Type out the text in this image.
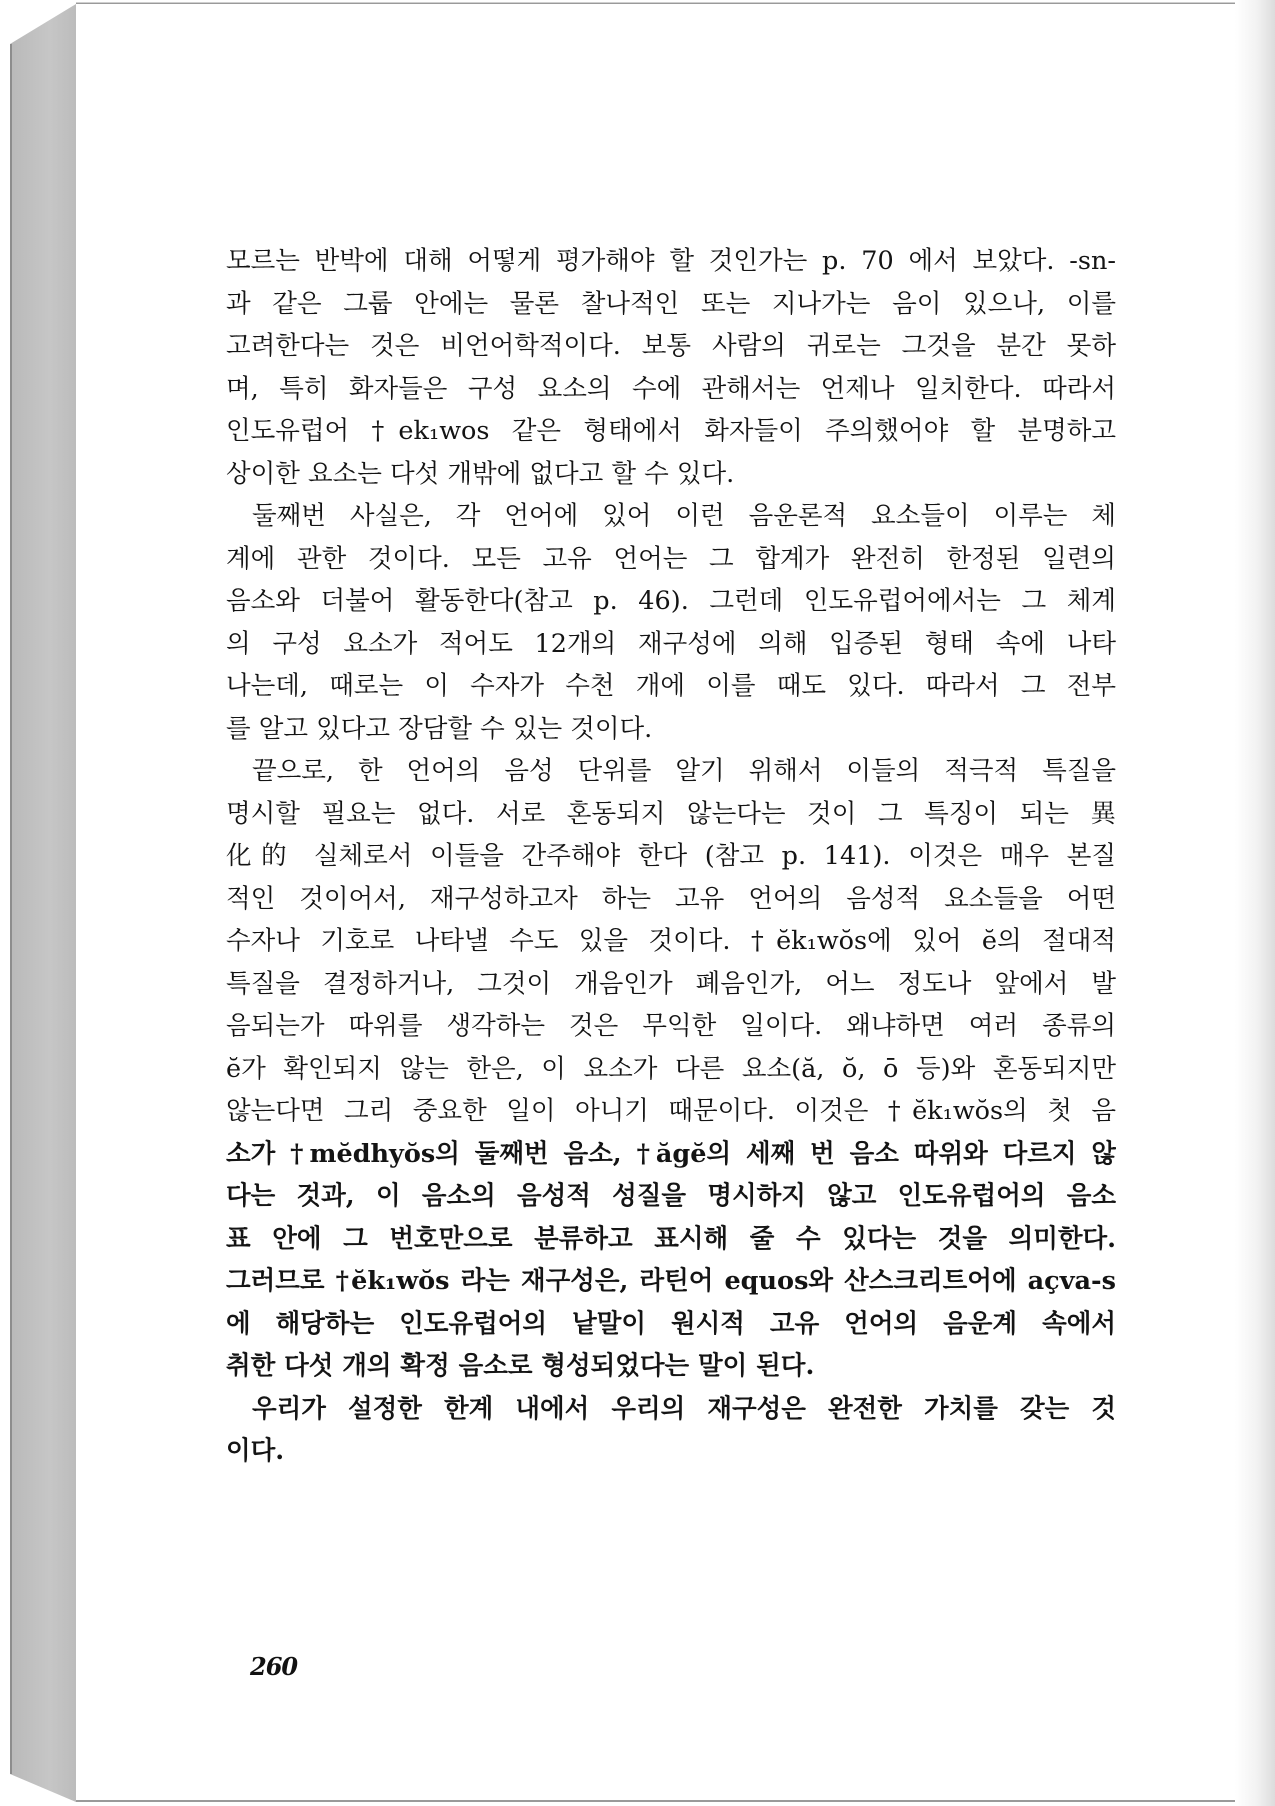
모르는 반박에 대해 어떻게 평가해야 할 것인가는 p. 70 에서 보았다. -sn-
과 같은 그룹 안에는 물론 찰나적인 또는 지나가는 음이 있으나, 이를
고려한다는 것은 비언어학적이다. 보통 사람의 귀로는 그것을 분간 못하
며, 특히 화자들은 구성 요소의 수에 관해서는 언제나 일치한다. 따라서
인도유럽어 †ek₁wos 같은 형태에서 화자들이 주의했어야 할 분명하고
상이한 요소는 다섯 개밖에 없다고 할 수 있다.

둘째번 사실은, 각 언어에 있어 이런 음운론적 요소들이 이루는 체
계에 관한 것이다. 모든 고유 언어는 그 합계가 완전히 한정된 일련의
음소와 더불어 활동한다(참고 p. 46). 그런데 인도유럽어에서는 그 체계
의 구성 요소가 적어도 12개의 재구성에 의해 입증된 형태 속에 나타
나는데, 때로는 이 수자가 수천 개에 이를 때도 있다. 따라서 그 전부
를 알고 있다고 장담할 수 있는 것이다.

끝으로, 한 언어의 음성 단위를 알기 위해서 이들의 적극적 특질을
명시할 필요는 없다. 서로 혼동되지 않는다는 것이 그 특징이 되는 異
化的 실체로서 이들을 간주해야 한다 (참고 p. 141). 이것은 매우 본질
적인 것이어서, 재구성하고자 하는 고유 언어의 음성적 요소들을 어떤
수자나 기호로 나타낼 수도 있을 것이다. †ĕk₁wŏs에 있어 ĕ의 절대적
특질을 결정하거나, 그것이 개음인가 폐음인가, 어느 정도나 앞에서 발
음되는가 따위를 생각하는 것은 무익한 일이다. 왜냐하면 여러 종류의
ĕ가 확인되지 않는 한은, 이 요소가 다른 요소(ă, ŏ, ō 등)와 혼동되지만
않는다면 그리 중요한 일이 아니기 때문이다. 이것은 †ĕk₁wŏs의 첫 음
소가 †mĕdhyŏs의 둘째번 음소, †ăgĕ의 세째 번 음소 따위와 다르지 않
다는 것과, 이 음소의 음성적 성질을 명시하지 않고 인도유럽어의 음소
표 안에 그 번호만으로 분류하고 표시해 줄 수 있다는 것을 의미한다.
그러므로 †ĕk₁wŏs 라는 재구성은, 라틴어 equos와 산스크리트어에 açva-s
에 해당하는 인도유럽어의 낱말이 원시적 고유 언어의 음운계 속에서
취한 다섯 개의 확정 음소로 형성되었다는 말이 된다.

우리가 설정한 한계 내에서 우리의 재구성은 완전한 가치를 갖는 것
이다.

260
